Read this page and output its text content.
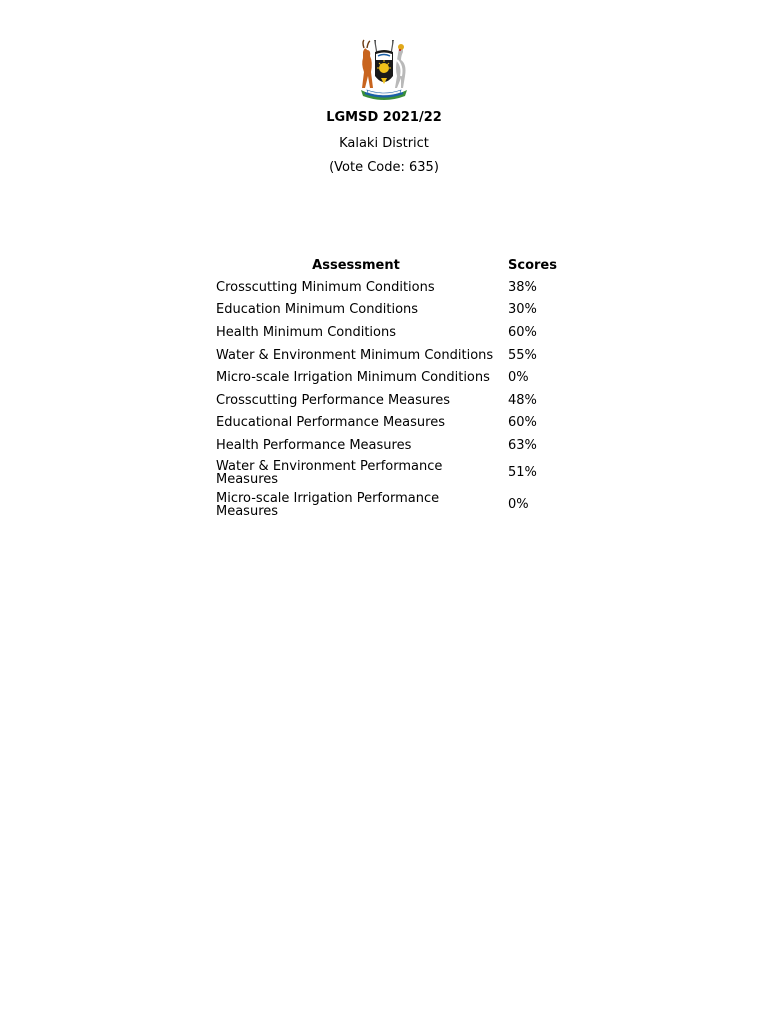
LGMSD 2021/22
Kalaki District
(Vote Code: 635)
Assessment	Scores
Crosscutting Minimum Conditions	38%
Education Minimum Conditions	30%
Health Minimum Conditions	60%
Water & Environment Minimum Conditions	55%
Micro-scale Irrigation Minimum Conditions	0%
Crosscutting Performance Measures	48%
Educational Performance Measures	60%
Health Performance Measures	63%
Water & Environment Performance Measures	51%
Micro-scale Irrigation Performance Measures	0%
